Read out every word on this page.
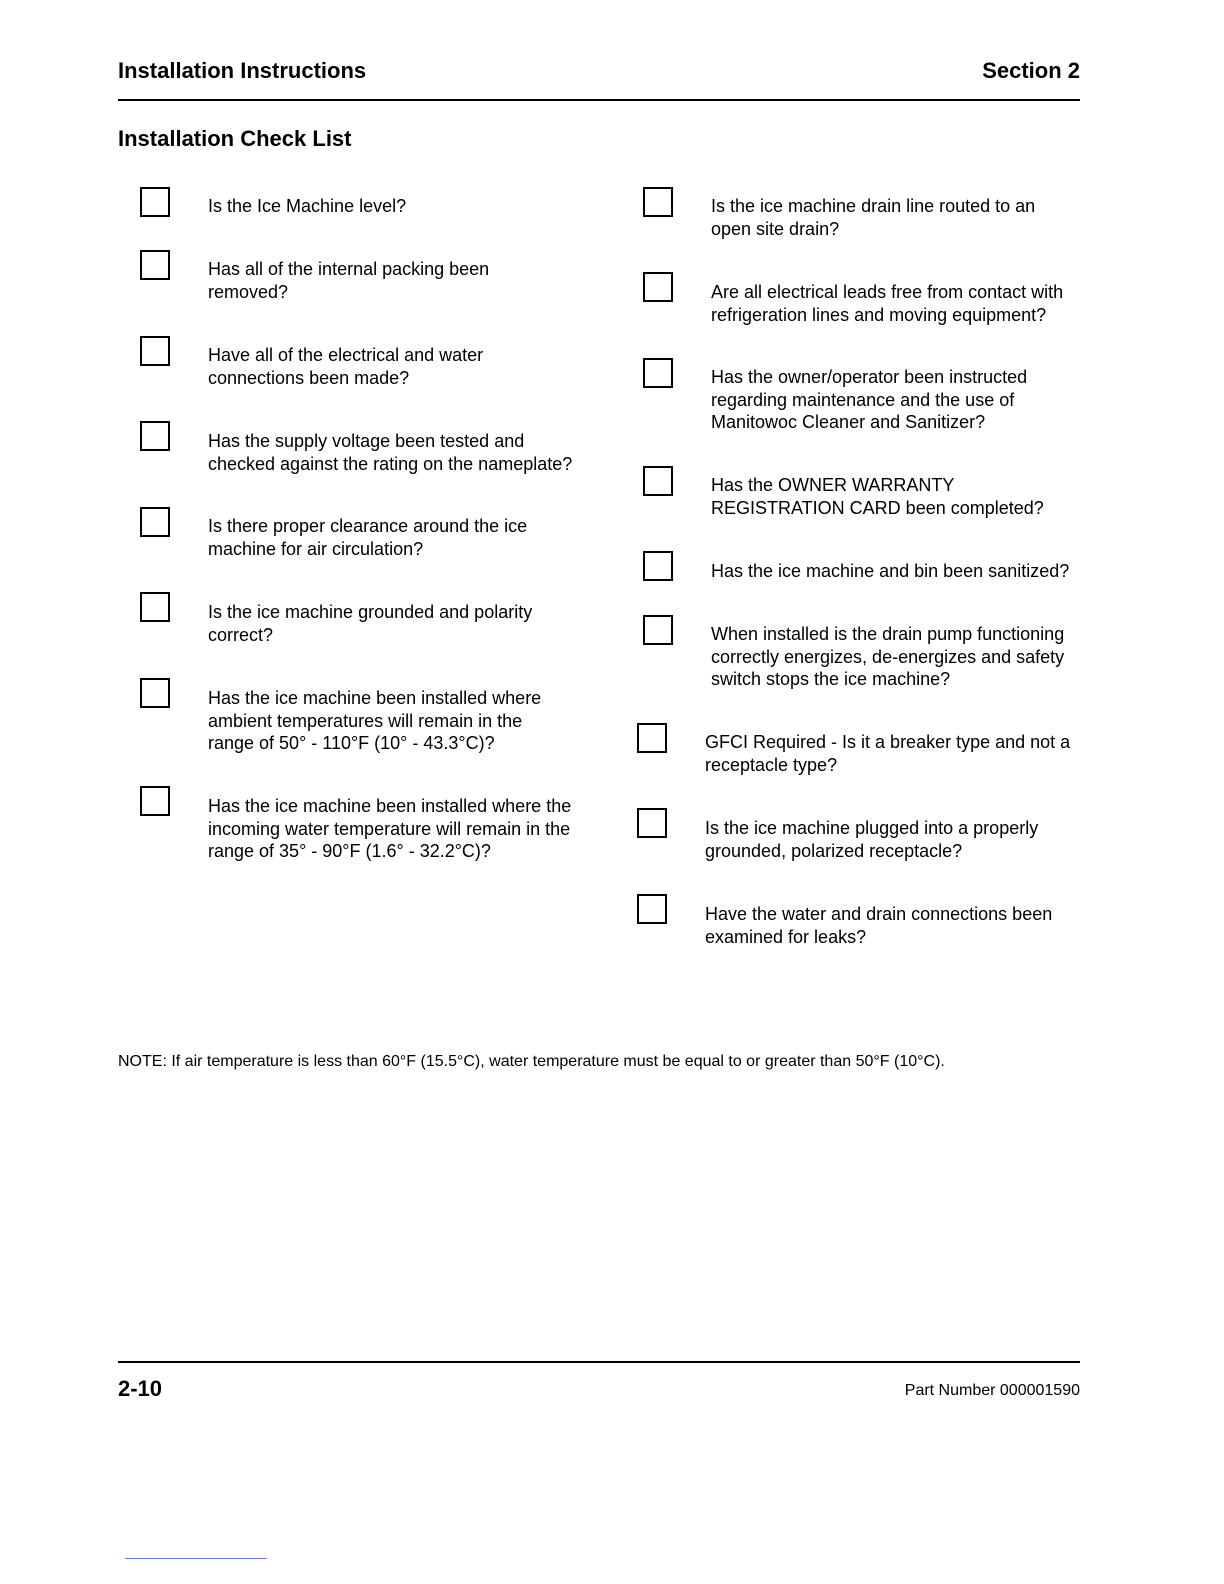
Installation Instructions	Section 2
Installation Check List
Is the Ice Machine level?
Has all of the internal packing been
removed?
Have all of the electrical and water
connections been made?
Has the supply voltage been tested and
checked against the rating on the nameplate?
Is there proper clearance around the ice
machine for air circulation?
Is the ice machine grounded and polarity
correct?
Has the ice machine been installed where
ambient temperatures will remain in the
range of 50° - 110°F (10° - 43.3°C)?
Has the ice machine been installed where the
incoming water temperature will remain in the
range of 35° - 90°F (1.6° - 32.2°C)?
Is the ice machine drain line routed to an
open site drain?
Are all electrical leads free from contact with
refrigeration lines and moving equipment?
Has the owner/operator been instructed
regarding maintenance and the use of
Manitowoc Cleaner and Sanitizer?
Has the OWNER WARRANTY
REGISTRATION CARD been completed?
Has the ice machine and bin been sanitized?
When installed is the drain pump functioning
correctly energizes, de-energizes and safety
switch stops the ice machine?
GFCI Required - Is it a breaker type and not a
receptacle type?
Is the ice machine plugged into a properly
grounded, polarized receptacle?
Have the water and drain connections been
examined for leaks?
NOTE: If air temperature is less than 60°F (15.5°C), water temperature must be equal to or greater than 50°F (10°C).
2-10	Part Number 000001590
